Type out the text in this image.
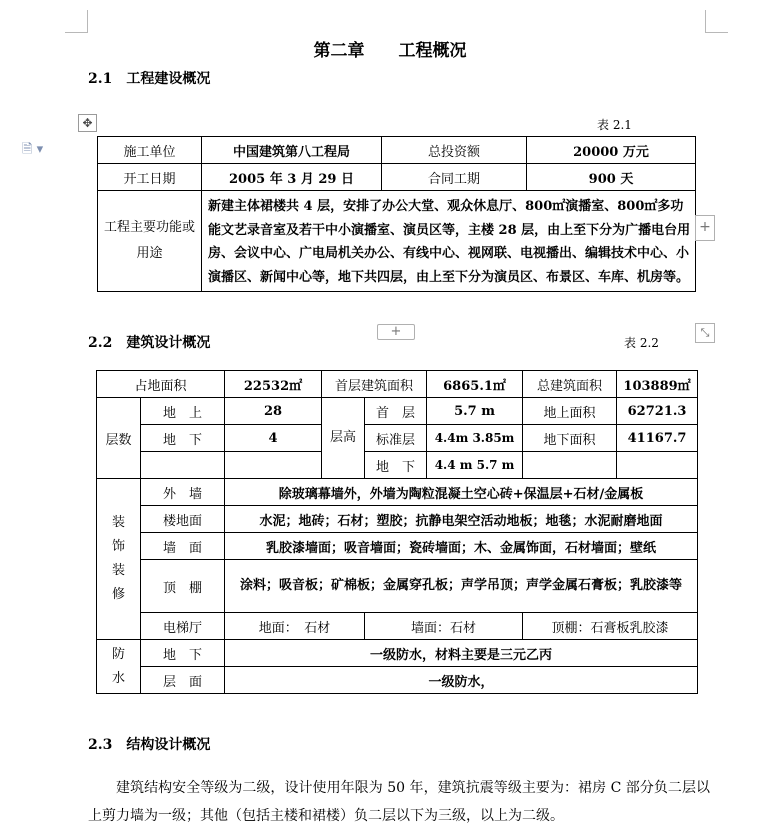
🗎 ▾
第二章　　工程概况
2.1　工程建设概况
表 2.1
✥
施工单位	中国建筑第八工程局	总投资额	20000 万元
开工日期	2005 年 3 月 29 日	合同工期	900 天
工程主要功能或用途	新建主体裙楼共 4 层，安排了办公大堂、观众休息厅、800㎡演播室、800㎡多功能文艺录音室及若干中小演播室、演员区等，主楼 28 层，由上至下分为广播电台用房、会议中心、广电局机关办公、有线中心、视网联、电视播出、编辑技术中心、小演播区、新闻中心等，地下共四层，由上至下分为演员区、布景区、车库、机房等。		
+
+	⤡
2.2　建筑设计概况	表 2.2
占地面积		22532㎡	首层建筑面积		6865.1㎡	总建筑面积	103889㎡
层数	地　上	28	层高	首　层	5.7 m	地上面积	62721.3
	地　下	4		标准层	4.4m 3.85m	地下面积	41167.7
				地　下	4.4 m 5.7 m		
装饰装修	外　墙	除玻璃幕墙外，外墙为陶粒混凝土空心砖+保温层+石材/金属板					
	楼地面	水泥；地砖；石材；塑胶；抗静电架空活动地板；地毯；水泥耐磨地面					
	墙　面	乳胶漆墙面；吸音墙面；瓷砖墙面；木、金属饰面，石材墙面；壁纸					
	顶　棚	涂料；吸音板；矿棉板；金属穿孔板；声学吊顶；声学金属石膏板；乳胶漆等					
	电梯厅	地面：　石材		墙面：石材		顶棚：石膏板乳胶漆	
防水	地　下	一级防水，材料主要是三元乙丙					
	层　面	一级防水，					
2.3　结构设计概况
建筑结构安全等级为二级，设计使用年限为 50 年，建筑抗震等级主要为：裙房 C 部分负二层以上剪力墙为一级；其他（包括主楼和裙楼）负二层以下为三级，以上为二级。
